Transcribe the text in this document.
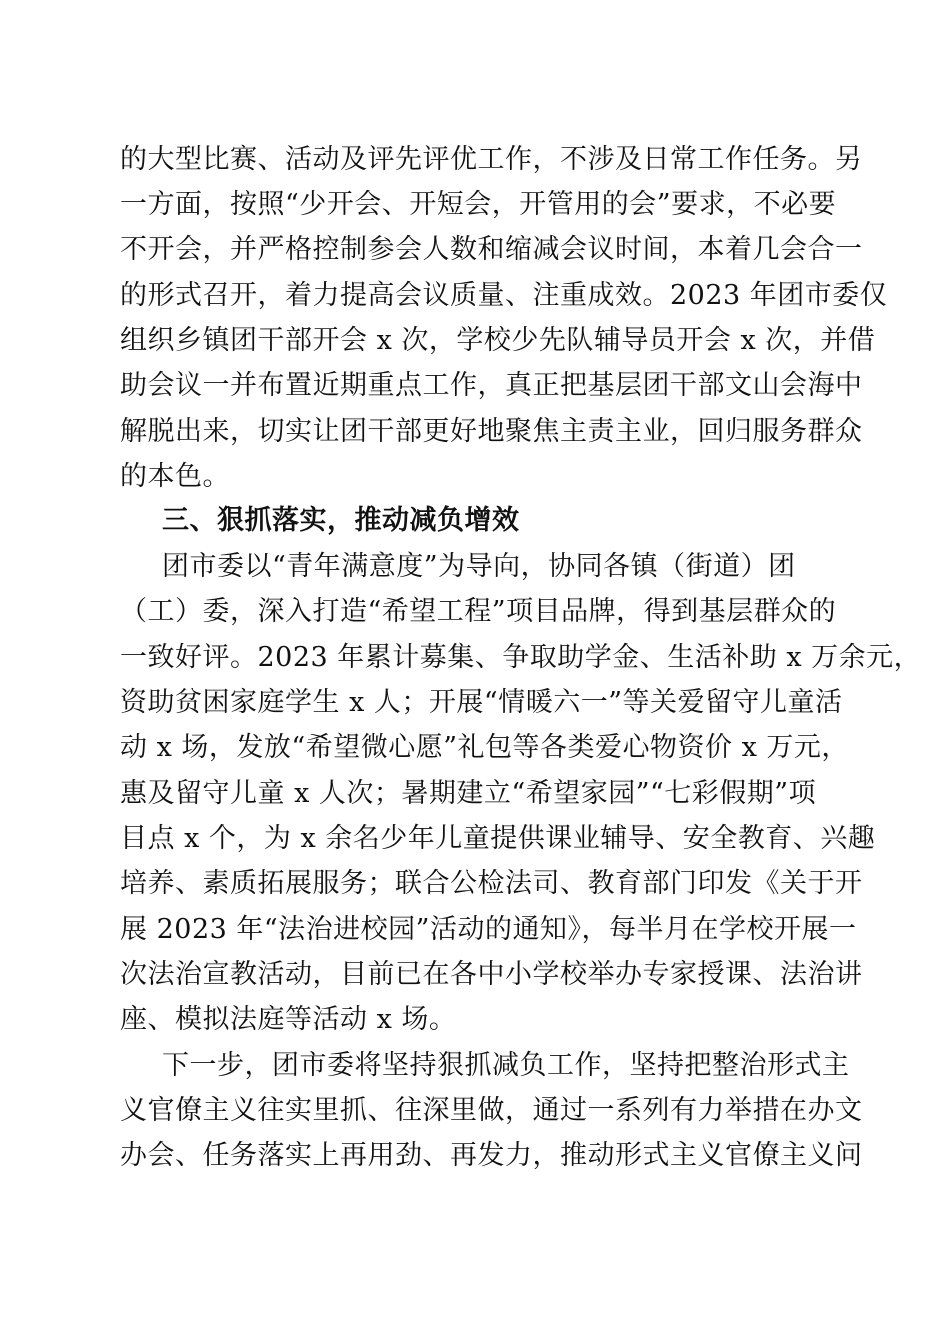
的大型比赛、活动及评先评优工作，不涉及日常工作任务。另
一方面，按照“少开会、开短会，开管用的会”要求，不必要
不开会，并严格控制参会人数和缩减会议时间，本着几会合一
的形式召开，着力提高会议质量、注重成效。2023 年团市委仅
组织乡镇团干部开会 x 次，学校少先队辅导员开会 x 次，并借
助会议一并布置近期重点工作，真正把基层团干部文山会海中
解脱出来，切实让团干部更好地聚焦主责主业，回归服务群众
的本色。
三、狠抓落实，推动减负增效
团市委以“青年满意度”为导向，协同各镇（街道）团
（工）委，深入打造“希望工程”项目品牌，得到基层群众的
一致好评。2023 年累计募集、争取助学金、生活补助 x 万余元，
资助贫困家庭学生 x 人；开展“情暖六一”等关爱留守儿童活
动 x 场，发放“希望微心愿”礼包等各类爱心物资价 x 万元，
惠及留守儿童 x 人次；暑期建立“希望家园”“七彩假期”项
目点 x 个，为 x 余名少年儿童提供课业辅导、安全教育、兴趣
培养、素质拓展服务；联合公检法司、教育部门印发《关于开
展 2023 年“法治进校园”活动的通知》，每半月在学校开展一
次法治宣教活动，目前已在各中小学校举办专家授课、法治讲
座、模拟法庭等活动 x 场。
下一步，团市委将坚持狠抓减负工作，坚持把整治形式主
义官僚主义往实里抓、往深里做，通过一系列有力举措在办文
办会、任务落实上再用劲、再发力，推动形式主义官僚主义问
